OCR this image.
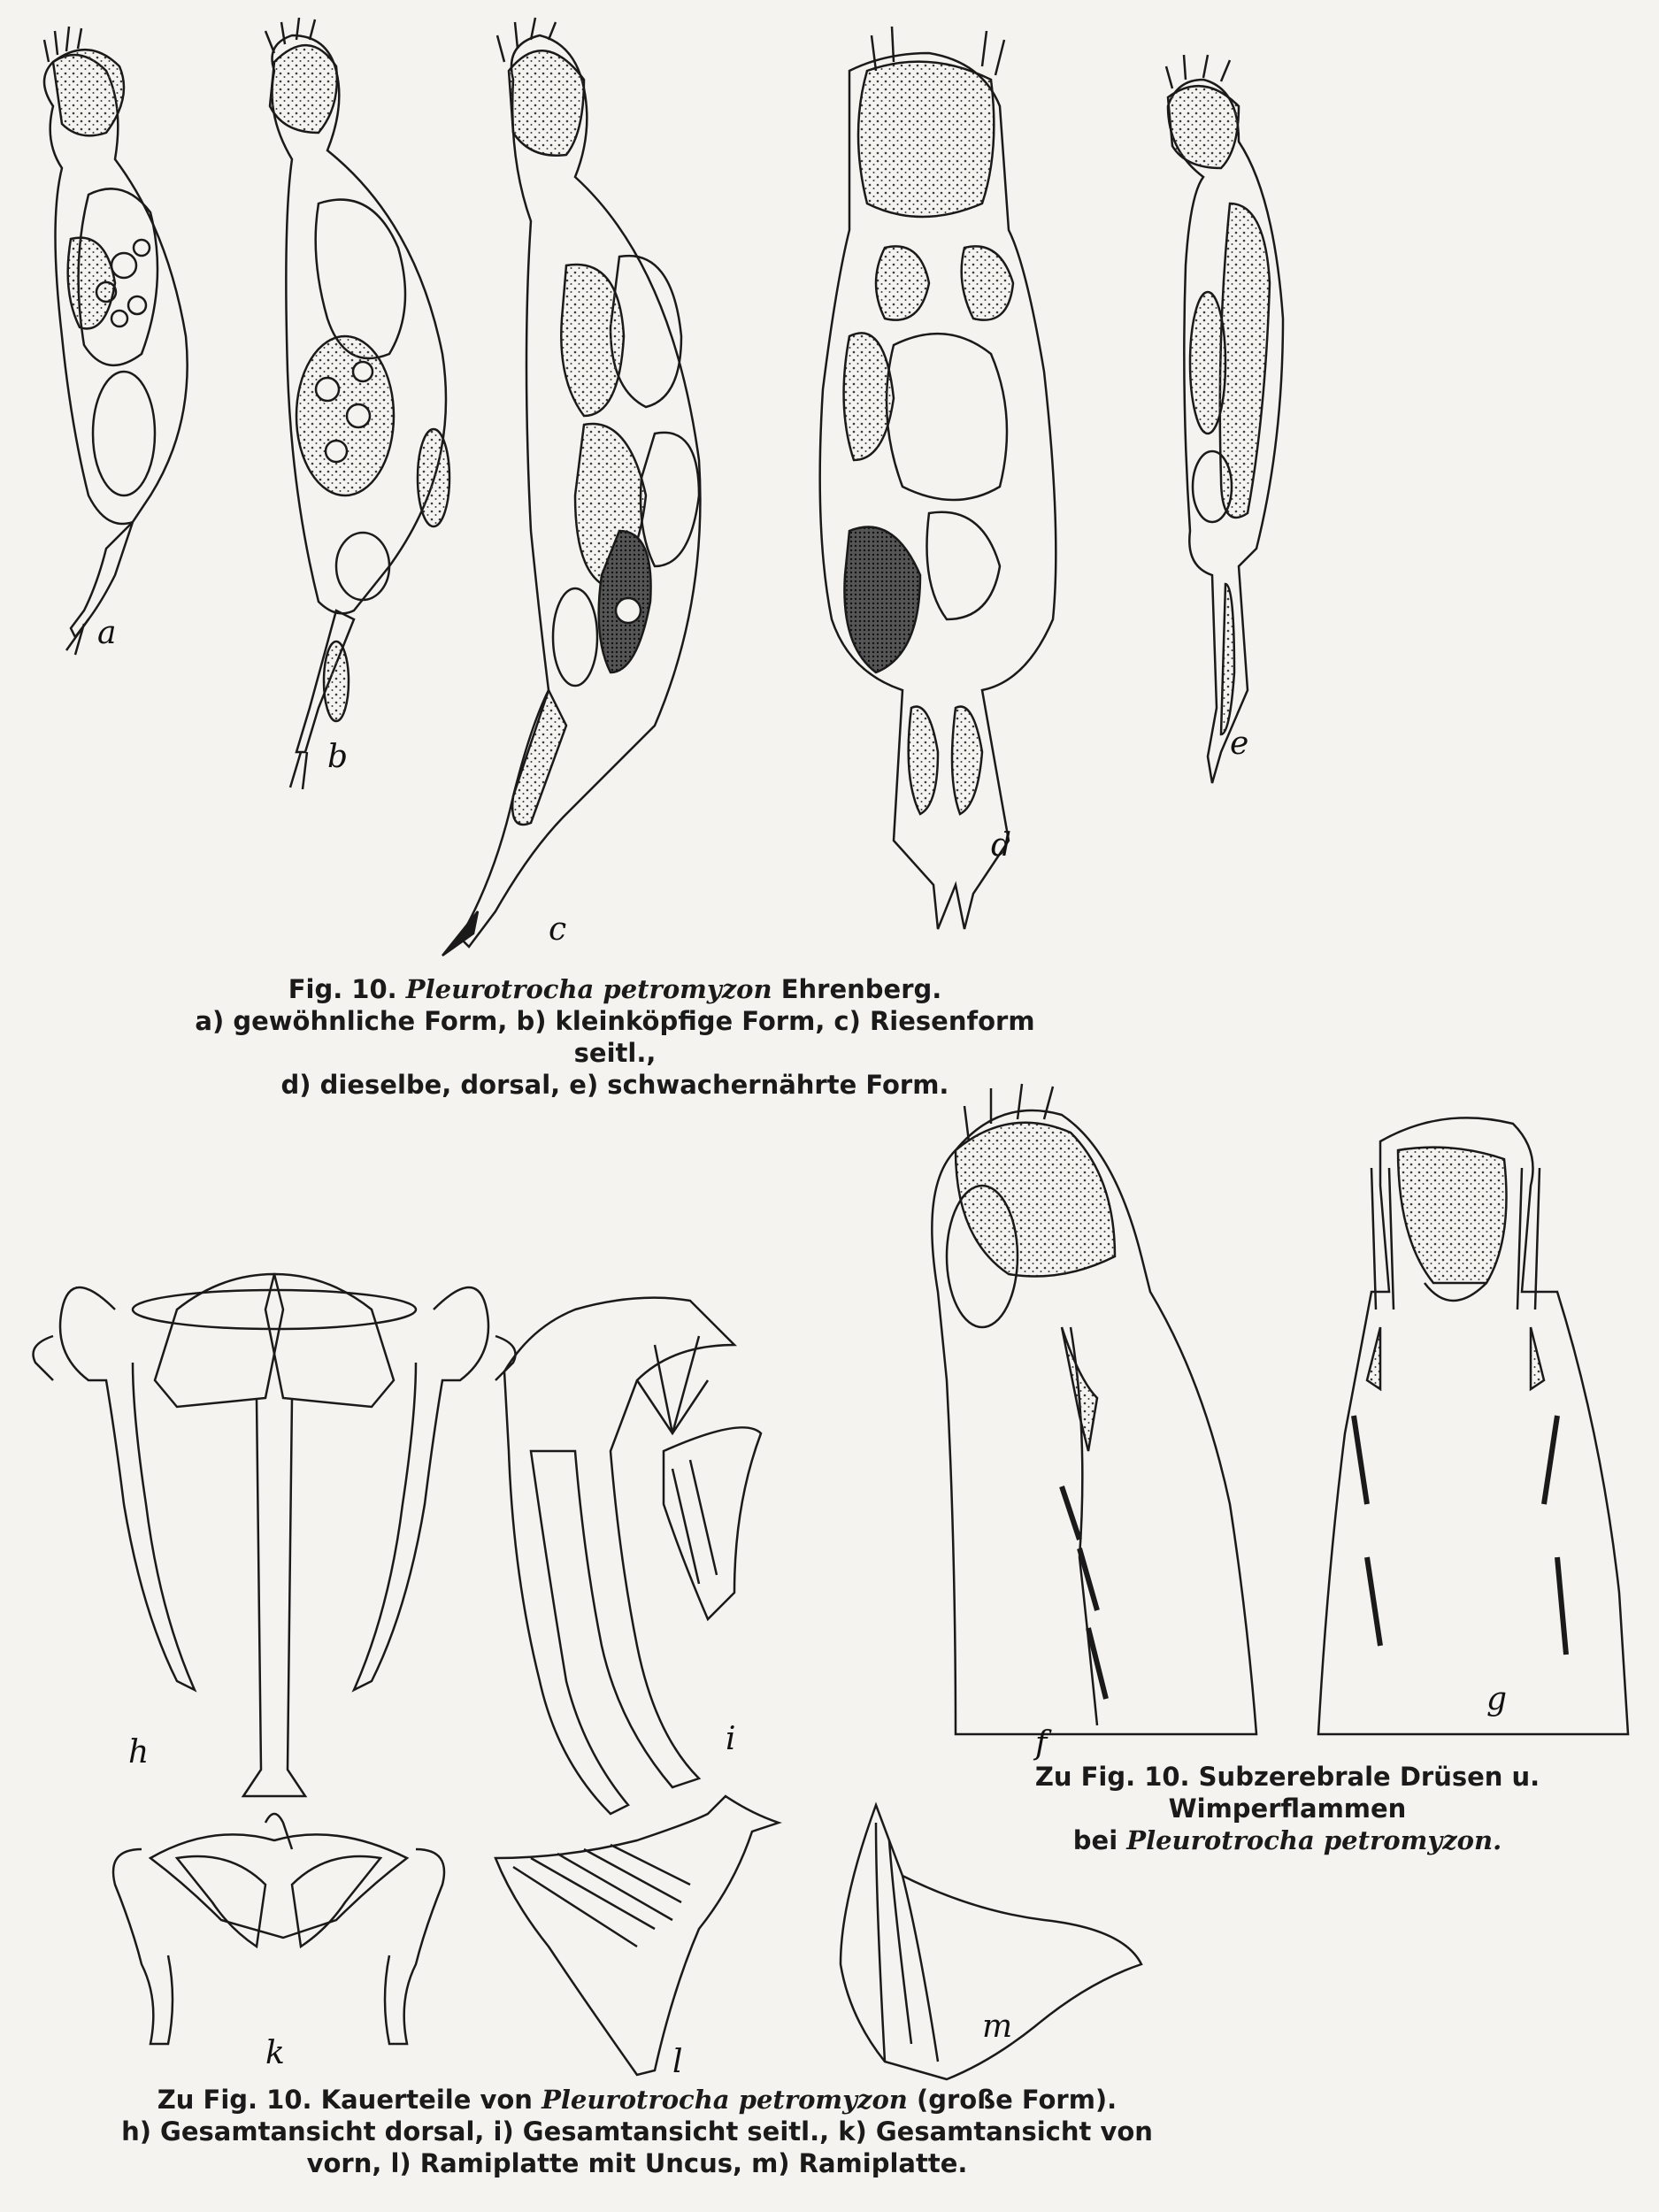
a
b
c
d
e
f
g
h	i
k	l
m
Fig. 10. Pleurotrocha petromyzon Ehrenberg.
a) gewöhnliche Form, b) kleinköpfige Form, c) Riesenform seitl.,
d) dieselbe, dorsal, e) schwachernährte Form.
Zu Fig. 10. Subzerebrale Drüsen u. Wimperflammen
bei Pleurotrocha petromyzon.
Zu Fig. 10. Kauerteile von Pleurotrocha petromyzon (große Form).
h) Gesamtansicht dorsal, i) Gesamtansicht seitl., k) Gesamtansicht von
vorn, l) Ramiplatte mit Uncus, m) Ramiplatte.
